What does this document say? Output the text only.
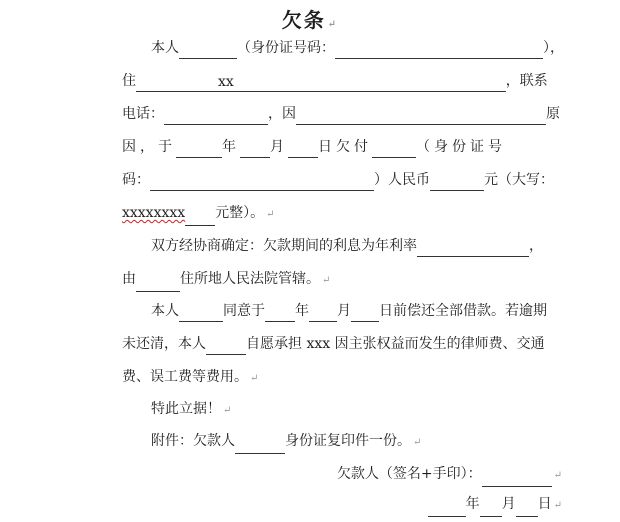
欠条 ↵
本人	（身份证号码：	），
住	xx	，联系
电话：	，因	原
因，于	年 月 日欠付	（身份证号
码：	）人民币	元（大写：
xxxxxxxx 元整）。 ↵
双方经协商确定：欠款期间的利息为年利率	，
由	住所地人民法院管辖。 ↵
本人	同意于 年 月 日前偿还全部借款。若逾期
未还清，本人	自愿承担 xxx 因主张权益而发生的律师费、交通
费、误工费等费用。 ↵
特此立据！ ↵
附件：欠款人	身份证复印件一份。 ↵
欠款人（签名+手印）：	↵
年 月 日 ↵
